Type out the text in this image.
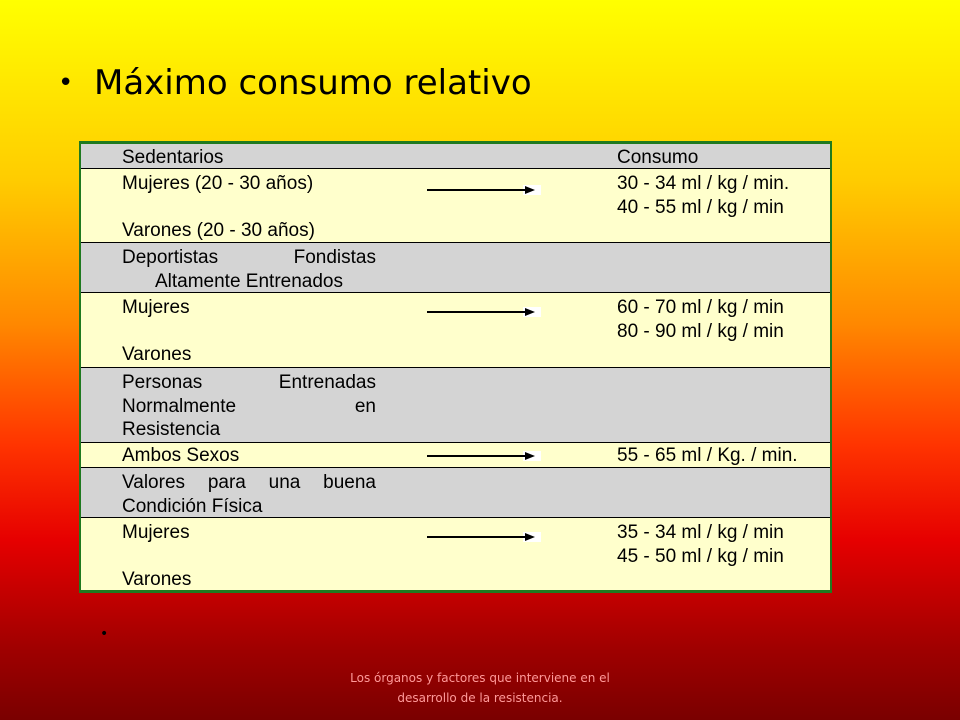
• Máximo consumo relativo
Sedentarios	Consumo
Mujeres (20 - 30 años)

Varones (20 - 30 años)
30 - 34 ml / kg / min.
40 - 55 ml / kg / min
Deportistas Fondistas
Altamente Entrenados
Mujeres

Varones
60 - 70 ml / kg / min
80 - 90 ml / kg / min
Personas Entrenadas
Normalmente en
Resistencia
Ambos Sexos	55 - 65 ml / Kg. / min.
Valores para una buena
Condición Física
Mujeres

Varones
35 - 34 ml / kg / min
45 - 50 ml / kg / min
•
Los órganos y factores que interviene en el
desarrollo de la resistencia.
